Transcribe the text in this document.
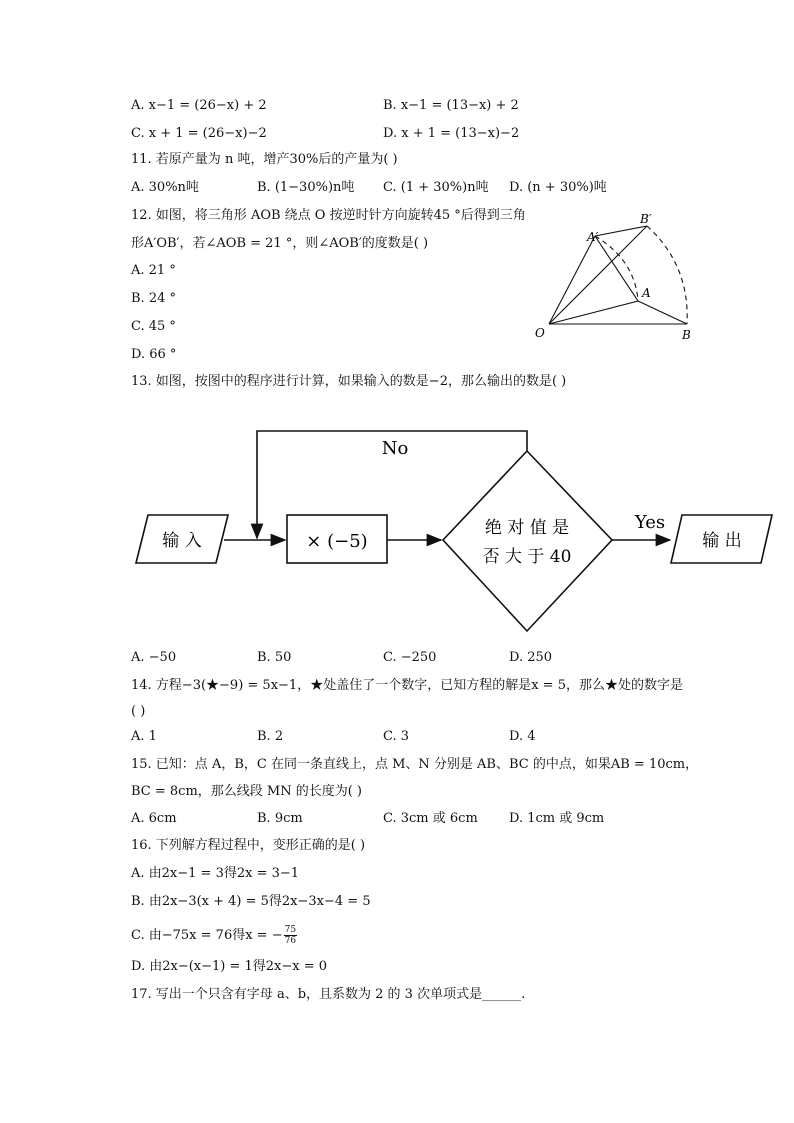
A. x−1 = (26−x) + 2	B. x−1 = (13−x) + 2
C. x + 1 = (26−x)−2	D. x + 1 = (13−x)−2
11. 若原产量为 n 吨，增产30%后的产量为( )
A. 30%n吨	B. (1−30%)n吨 C. (1 + 30%)n吨 D. (n + 30%)吨
12. 如图，将三角形 AOB 绕点 O 按逆时针方向旋转45 °后得到三角
形A′OB′，若∠AOB = 21 °，则∠AOB′的度数是( )
A. 21 °
B. 24 °
C. 45 °
D. 66 °
O
A
B
A′
B′
13. 如图，按图中的程序进行计算，如果输入的数是−2，那么输出的数是( )
输 入	× (−5)
绝 对 值 是
否 大 于 40
No
Yes
输 出
A. −50	B. 50	C. −250	D. 250
14. 方程−3(★−9) = 5x−1，★处盖住了一个数字，已知方程的解是x = 5，那么★处的数字是
( )
A. 1	B. 2	C. 3	D. 4
15. 已知：点 A，B，C 在同一条直线上，点 M、N 分别是 AB、BC 的中点，如果AB = 10cm，
BC = 8cm，那么线段 MN 的长度为( )
A. 6cm	B. 9cm	C. 3cm 或 6cm D. 1cm 或 9cm
16. 下列解方程过程中，变形正确的是( )
A. 由2x−1 = 3得2x = 3−1
B. 由2x−3(x + 4) = 5得2x−3x−4 = 5
C. 由−75x = 76得x = − $\frac{75}{76}$
D. 由2x−(x−1) = 1得2x−x = 0
17. 写出一个只含有字母 a、b，且系数为 2 的 3 次单项式是______.
